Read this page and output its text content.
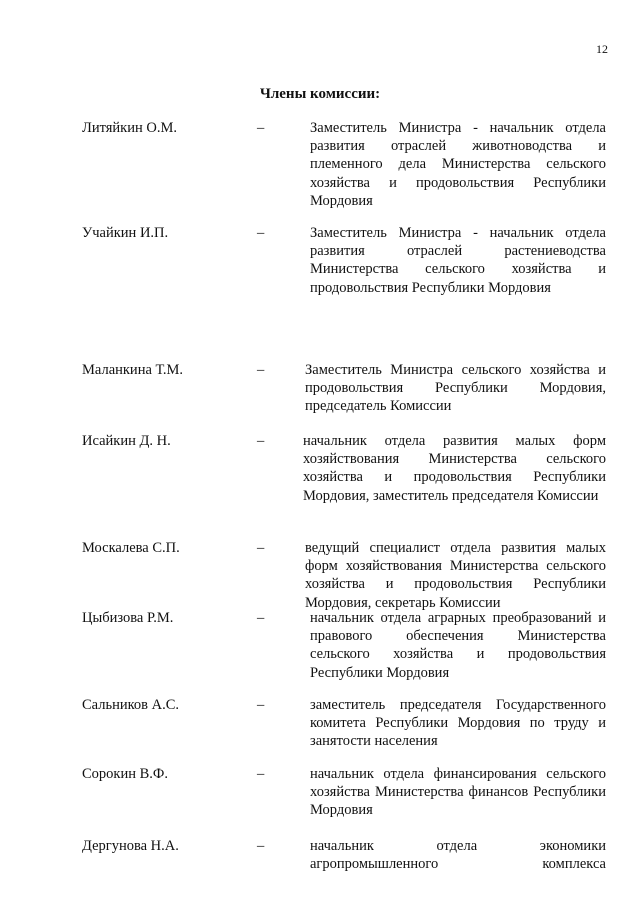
12
Члены комиссии:
Литяйкин О.М.	–	Заместитель Министра - начальник отдела развития отраслей животноводства и племенного дела Министерства сельского хозяйства и продовольствия Республики Мордовия
Учайкин И.П.	–	Заместитель Министра - начальник отдела развития отраслей растениеводства Министерства сельского хозяйства и продовольствия Республики Мордовия
Маланкина Т.М.	–	Заместитель Министра сельского хозяйства и продовольствия Республики Мордовия, председатель Комиссии
Исайкин Д. Н.	–	начальник отдела развития малых форм хозяйствования Министерства сельского хозяйства и продовольствия Республики Мордовия, заместитель председателя Комиссии
Москалева С.П.	–	ведущий специалист отдела развития малых форм хозяйствования Министерства сельского хозяйства и продовольствия Республики Мордовия, секретарь Комиссии
Цыбизова Р.М.	–	начальник отдела аграрных преобразований и правового обеспечения Министерства сельского хозяйства и продовольствия Республики Мордовия
Сальников А.С.	–	заместитель председателя Государственного комитета Республики Мордовия по труду и занятости населения
Сорокин В.Ф.	–	начальник отдела финансирования сельского хозяйства Министерства финансов Республики Мордовия
Дергунова Н.А.	–	начальник отдела экономики агропромышленного комплекса
